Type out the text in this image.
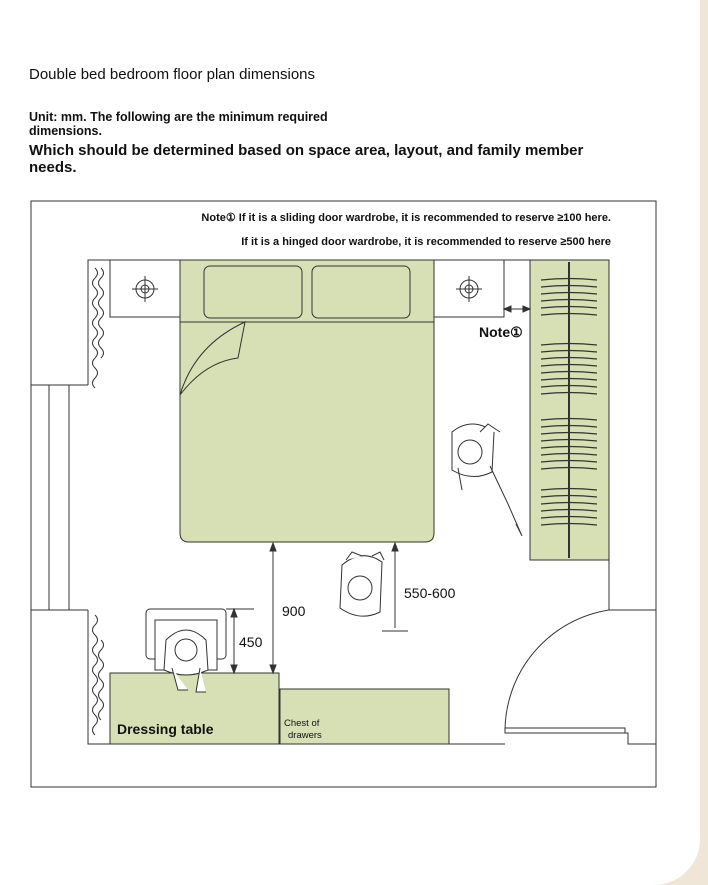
Double bed bedroom floor plan dimensions
Unit: mm. The following are the minimum required dimensions.
Which should be determined based on space area, layout, and family member needs.
Note① If it is a sliding door wardrobe, it is recommended to reserve ≥100 here.
If it is a hinged door wardrobe, it is recommended to reserve ≥500 here
Dressing table	Chest of
drawers
900
450
550-600
Note①
